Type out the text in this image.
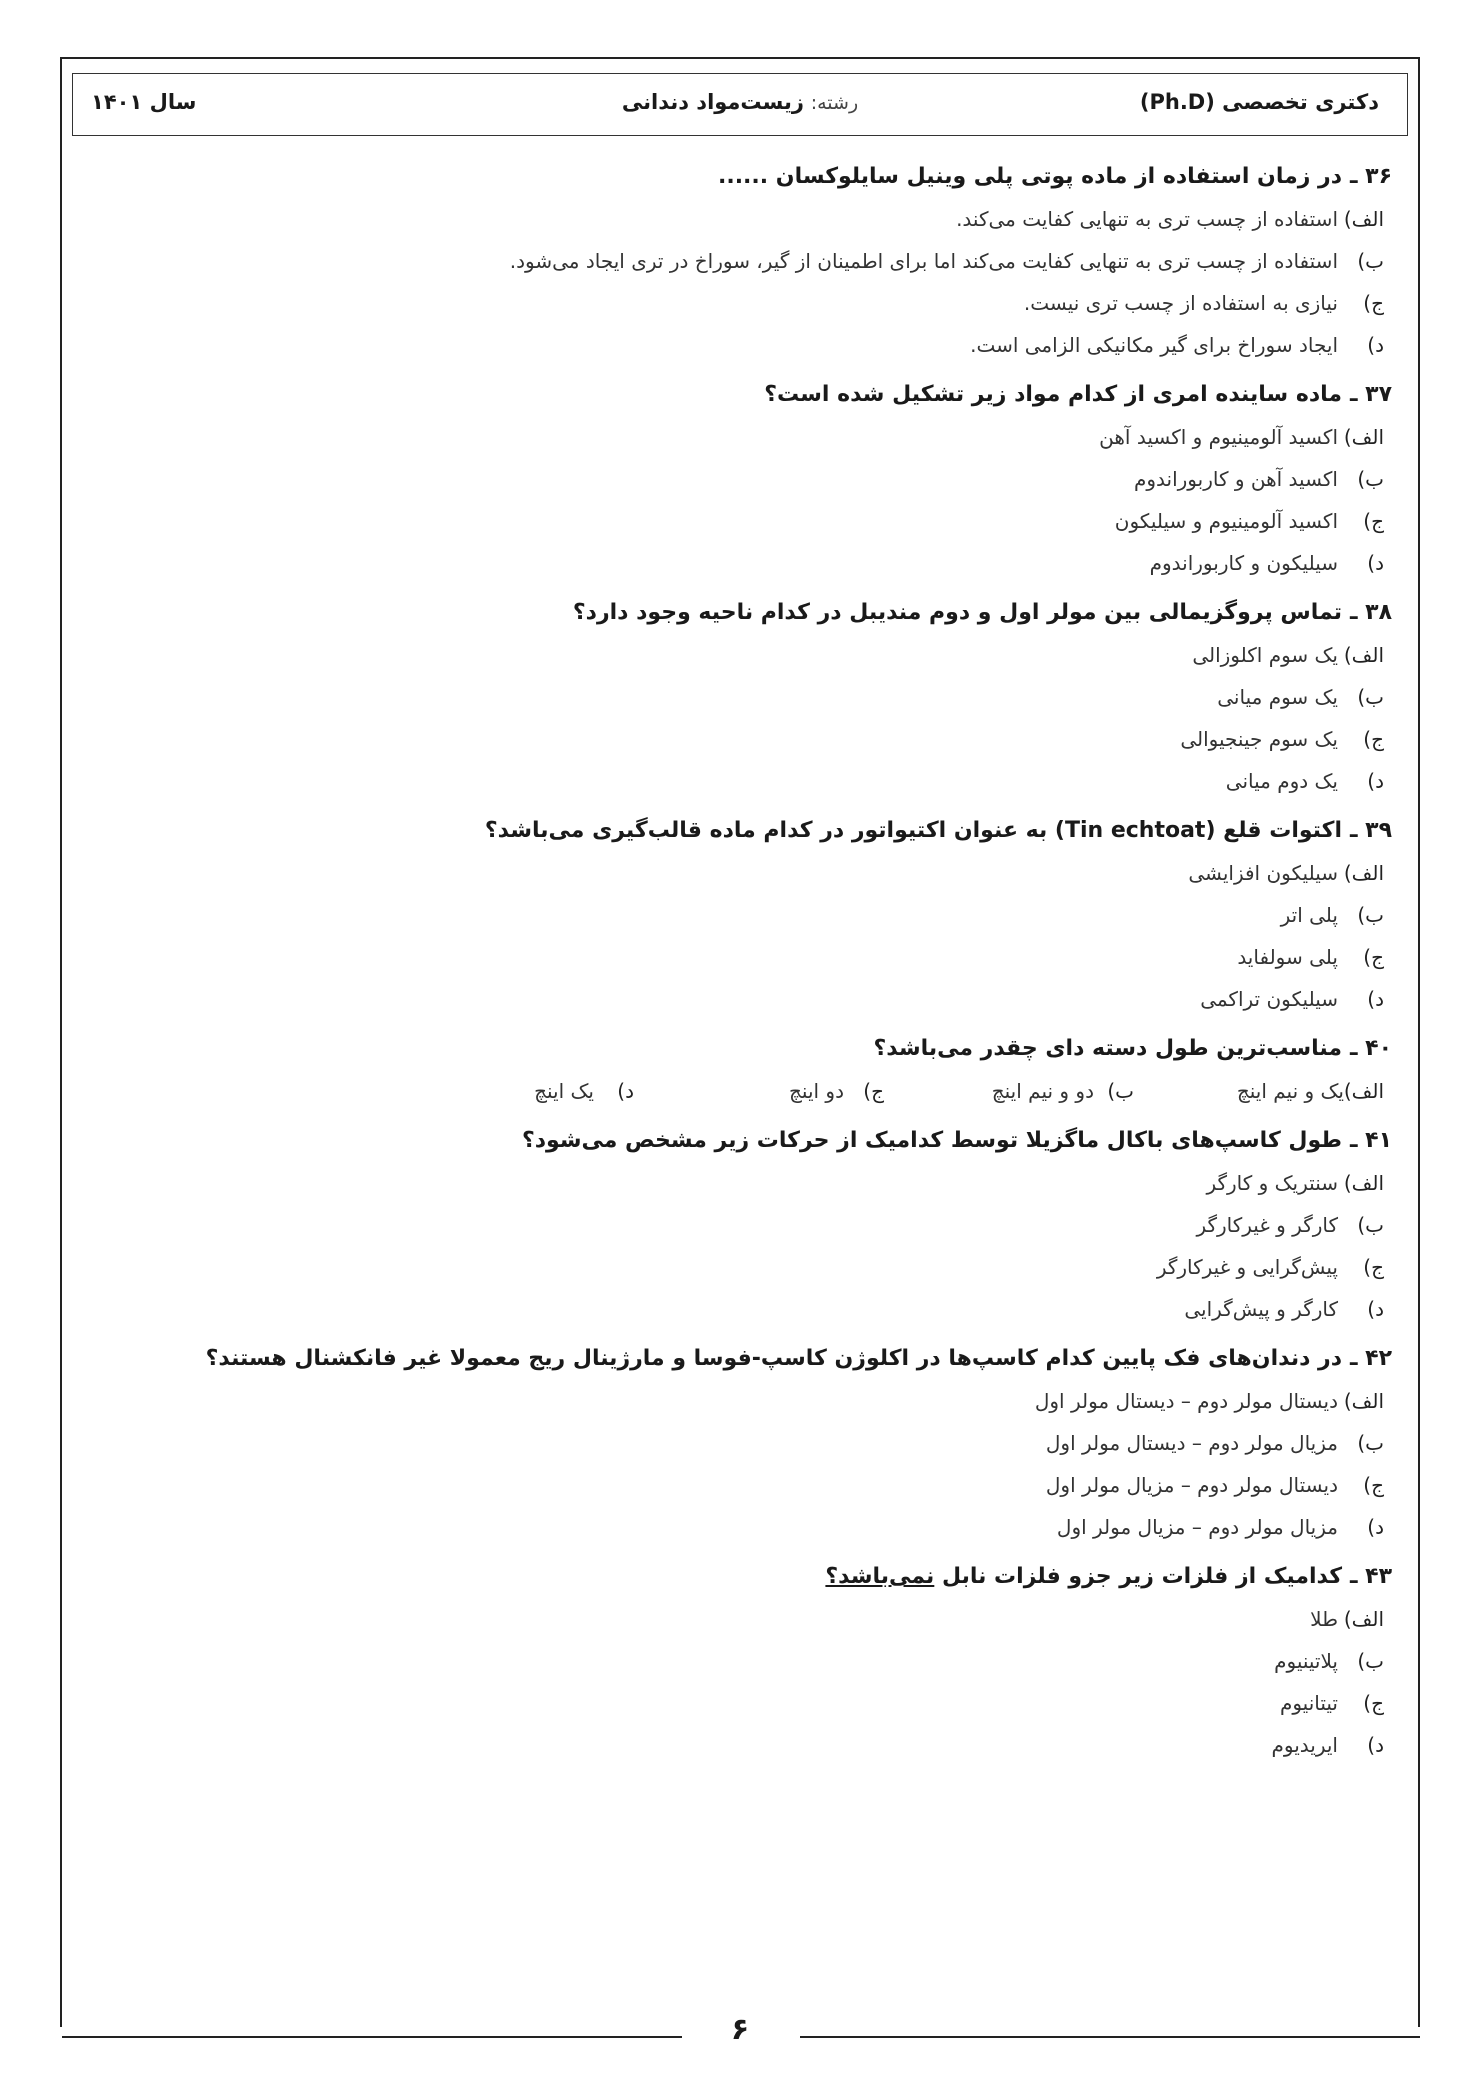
دکتری تخصصی (Ph.D)
رشته: زیست‌مواد دندانی
سال ۱۴۰۱
۳۶ ـدر زمان استفاده از ماده پوتی پلی وینیل سایلوکسان ......
الف)استفاده از چسب تری به تنهایی کفایت می‌کند.
ب)استفاده از چسب تری به تنهایی کفایت می‌کند اما برای اطمینان از گیر، سوراخ در تری ایجاد می‌شود.
ج)نیازی به استفاده از چسب تری نیست.
د)ایجاد سوراخ برای گیر مکانیکی الزامی است.
۳۷ ـماده ساینده امری از کدام مواد زیر تشکیل شده است؟
الف)اکسید آلومینیوم و اکسید آهن
ب)اکسید آهن و کاربوراندوم
ج)اکسید آلومینیوم و سیلیکون
د)سیلیکون و کاربوراندوم
۳۸ ـتماس پروگزیمالی بین مولر اول و دوم مندیبل در کدام ناحیه وجود دارد؟
الف)یک سوم اکلوزالی
ب)یک سوم میانی
ج)یک سوم جینجیوالی
د)یک دوم میانی
۳۹ ـاکتوات قلع (Tin echtoat) به عنوان اکتیواتور در کدام ماده قالب‌گیری می‌باشد؟
الف)سیلیکون افزایشی
ب)پلی اتر
ج)پلی سولفاید
د)سیلیکون تراکمی
۴۰ ـمناسب‌ترین طول دسته دای چقدر می‌باشد؟
الف)یک و نیم اینچ
ب)دو و نیم اینچ
ج)دو اینچ
د)یک اینچ
۴۱ ـطول کاسپ‌های باکال ماگزیلا توسط کدامیک از حرکات زیر مشخص می‌شود؟
الف)سنتریک و کارگر
ب)کارگر و غیرکارگر
ج)پیش‌گرایی و غیرکارگر
د)کارگر و پیش‌گرایی
۴۲ ـدر دندان‌های فک پایین کدام کاسپ‌ها در اکلوژن کاسپ-فوسا و مارژینال ریج معمولا غیر فانکشنال هستند؟
الف)دیستال مولر دوم – دیستال مولر اول
ب)مزیال مولر دوم – دیستال مولر اول
ج)دیستال مولر دوم – مزیال مولر اول
د)مزیال مولر دوم – مزیال مولر اول
۴۳ ـکدامیک از فلزات زیر جزو فلزات نابل نمی‌باشد؟
الف)طلا
ب)پلاتینیوم
ج)تیتانیوم
د)ایریدیوم
۶
